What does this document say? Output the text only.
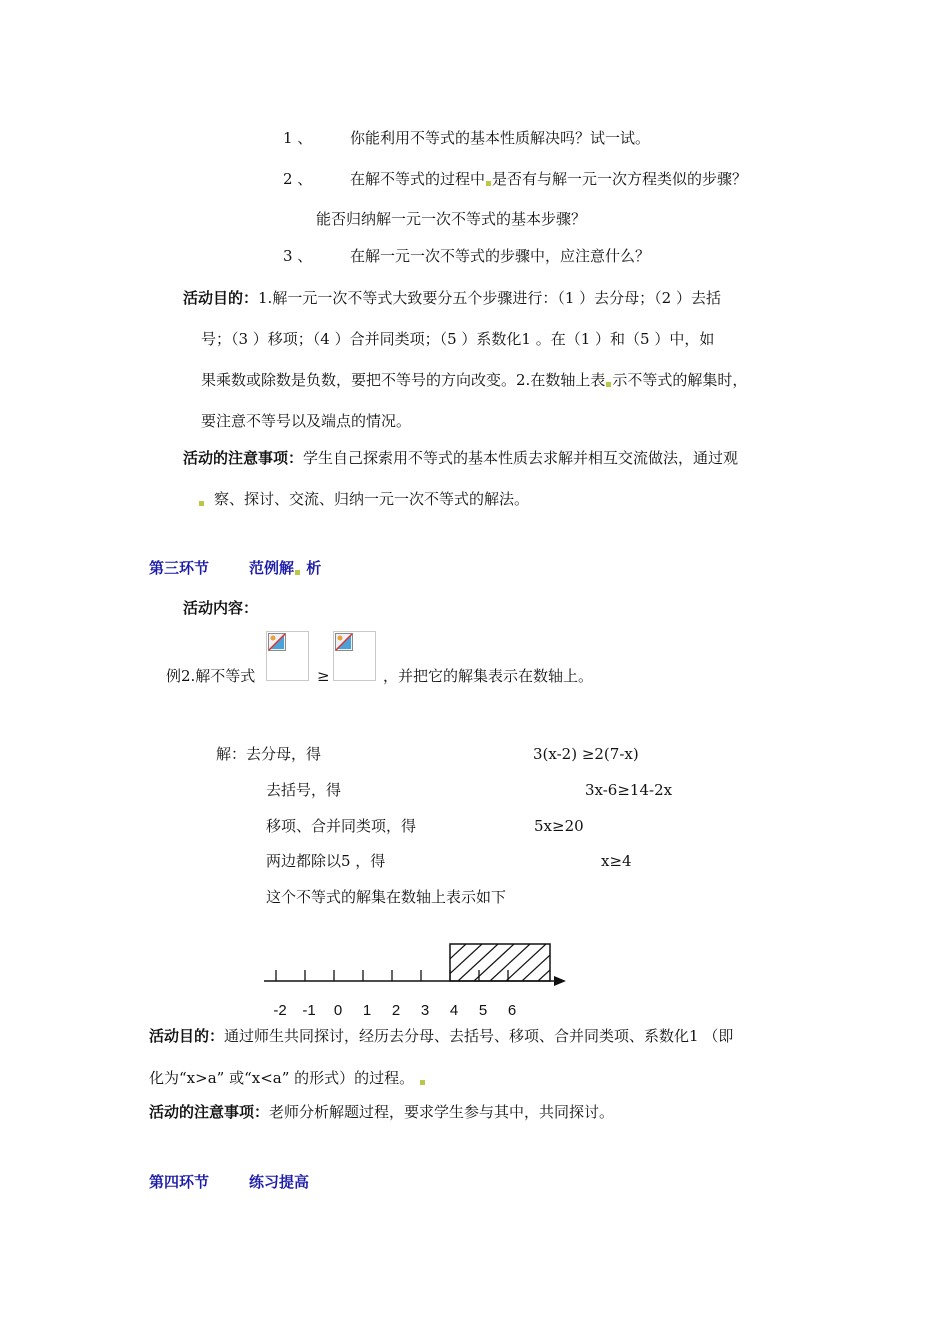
1 、	你能利用不等式的基本性质解决吗？试一试。
2 、	在解不等式的过程中 是否有与解一元一次方程类似的步骤？
能否归纳解一元一次不等式的基本步骤？
3 、	在解一元一次不等式的步骤中，应注意什么？
活动目的：1.解一元一次不等式大致要分五个步骤进行：（1 ）去分母；（2 ）去括
号；（3 ）移项；（4 ）合并同类项；（5 ）系数化1 。在（1 ）和（5 ）中，如
果乘数或除数是负数，要把不等号的方向改变。2.在数轴上表 示不等式的解集时，
要注意不等号以及端点的情况。
活动的注意事项：学生自己探索用不等式的基本性质去求解并相互交流做法，通过观
察、探讨、交流、归纳一元一次不等式的解法。
第三环节	范例解 析
活动内容：
例2.解不等式	≥	，并把它的解集表示在数轴上。
解：去分母，得	3(x-2) ≥2(7-x)
去括号，得	3x-6≥14-2x
移项、合并同类项，得	5x≥20
两边都除以5 ，得	x≥4
这个不等式的解集在数轴上表示如下
-2 -1 0 1 2 3 4 5 6
活动目的：通过师生共同探讨，经历去分母、去括号、移项、合并同类项、系数化1 （即
化为“x>a” 或“x<a” 的形式）的过程。
活动的注意事项：老师分析解题过程，要求学生参与其中，共同探讨。
第四环节	练习提高
